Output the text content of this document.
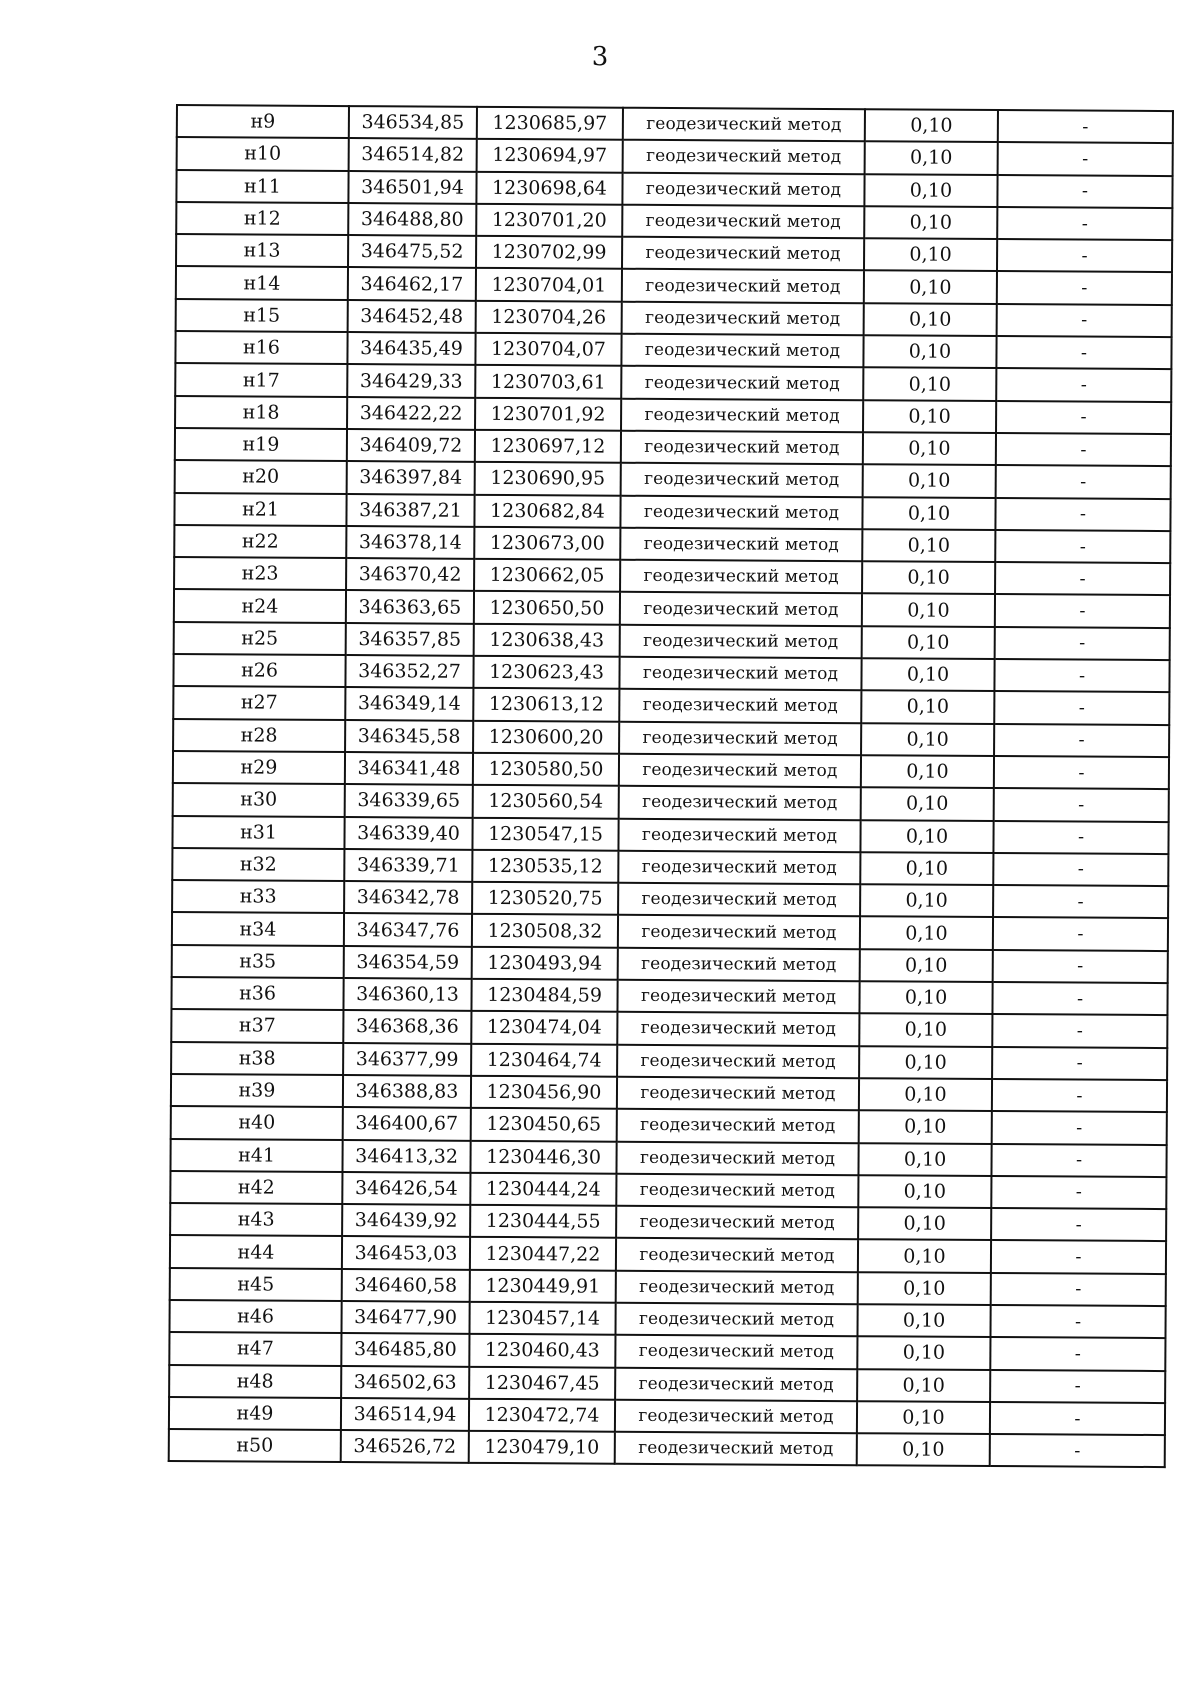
3
н9	346534,85	1230685,97	геодезический метод	0,10	-
н10	346514,82	1230694,97	геодезический метод	0,10	-
н11	346501,94	1230698,64	геодезический метод	0,10	-
н12	346488,80	1230701,20	геодезический метод	0,10	-
н13	346475,52	1230702,99	геодезический метод	0,10	-
н14	346462,17	1230704,01	геодезический метод	0,10	-
н15	346452,48	1230704,26	геодезический метод	0,10	-
н16	346435,49	1230704,07	геодезический метод	0,10	-
н17	346429,33	1230703,61	геодезический метод	0,10	-
н18	346422,22	1230701,92	геодезический метод	0,10	-
н19	346409,72	1230697,12	геодезический метод	0,10	-
н20	346397,84	1230690,95	геодезический метод	0,10	-
н21	346387,21	1230682,84	геодезический метод	0,10	-
н22	346378,14	1230673,00	геодезический метод	0,10	-
н23	346370,42	1230662,05	геодезический метод	0,10	-
н24	346363,65	1230650,50	геодезический метод	0,10	-
н25	346357,85	1230638,43	геодезический метод	0,10	-
н26	346352,27	1230623,43	геодезический метод	0,10	-
н27	346349,14	1230613,12	геодезический метод	0,10	-
н28	346345,58	1230600,20	геодезический метод	0,10	-
н29	346341,48	1230580,50	геодезический метод	0,10	-
н30	346339,65	1230560,54	геодезический метод	0,10	-
н31	346339,40	1230547,15	геодезический метод	0,10	-
н32	346339,71	1230535,12	геодезический метод	0,10	-
н33	346342,78	1230520,75	геодезический метод	0,10	-
н34	346347,76	1230508,32	геодезический метод	0,10	-
н35	346354,59	1230493,94	геодезический метод	0,10	-
н36	346360,13	1230484,59	геодезический метод	0,10	-
н37	346368,36	1230474,04	геодезический метод	0,10	-
н38	346377,99	1230464,74	геодезический метод	0,10	-
н39	346388,83	1230456,90	геодезический метод	0,10	-
н40	346400,67	1230450,65	геодезический метод	0,10	-
н41	346413,32	1230446,30	геодезический метод	0,10	-
н42	346426,54	1230444,24	геодезический метод	0,10	-
н43	346439,92	1230444,55	геодезический метод	0,10	-
н44	346453,03	1230447,22	геодезический метод	0,10	-
н45	346460,58	1230449,91	геодезический метод	0,10	-
н46	346477,90	1230457,14	геодезический метод	0,10	-
н47	346485,80	1230460,43	геодезический метод	0,10	-
н48	346502,63	1230467,45	геодезический метод	0,10	-
н49	346514,94	1230472,74	геодезический метод	0,10	-
н50	346526,72	1230479,10	геодезический метод	0,10	-
